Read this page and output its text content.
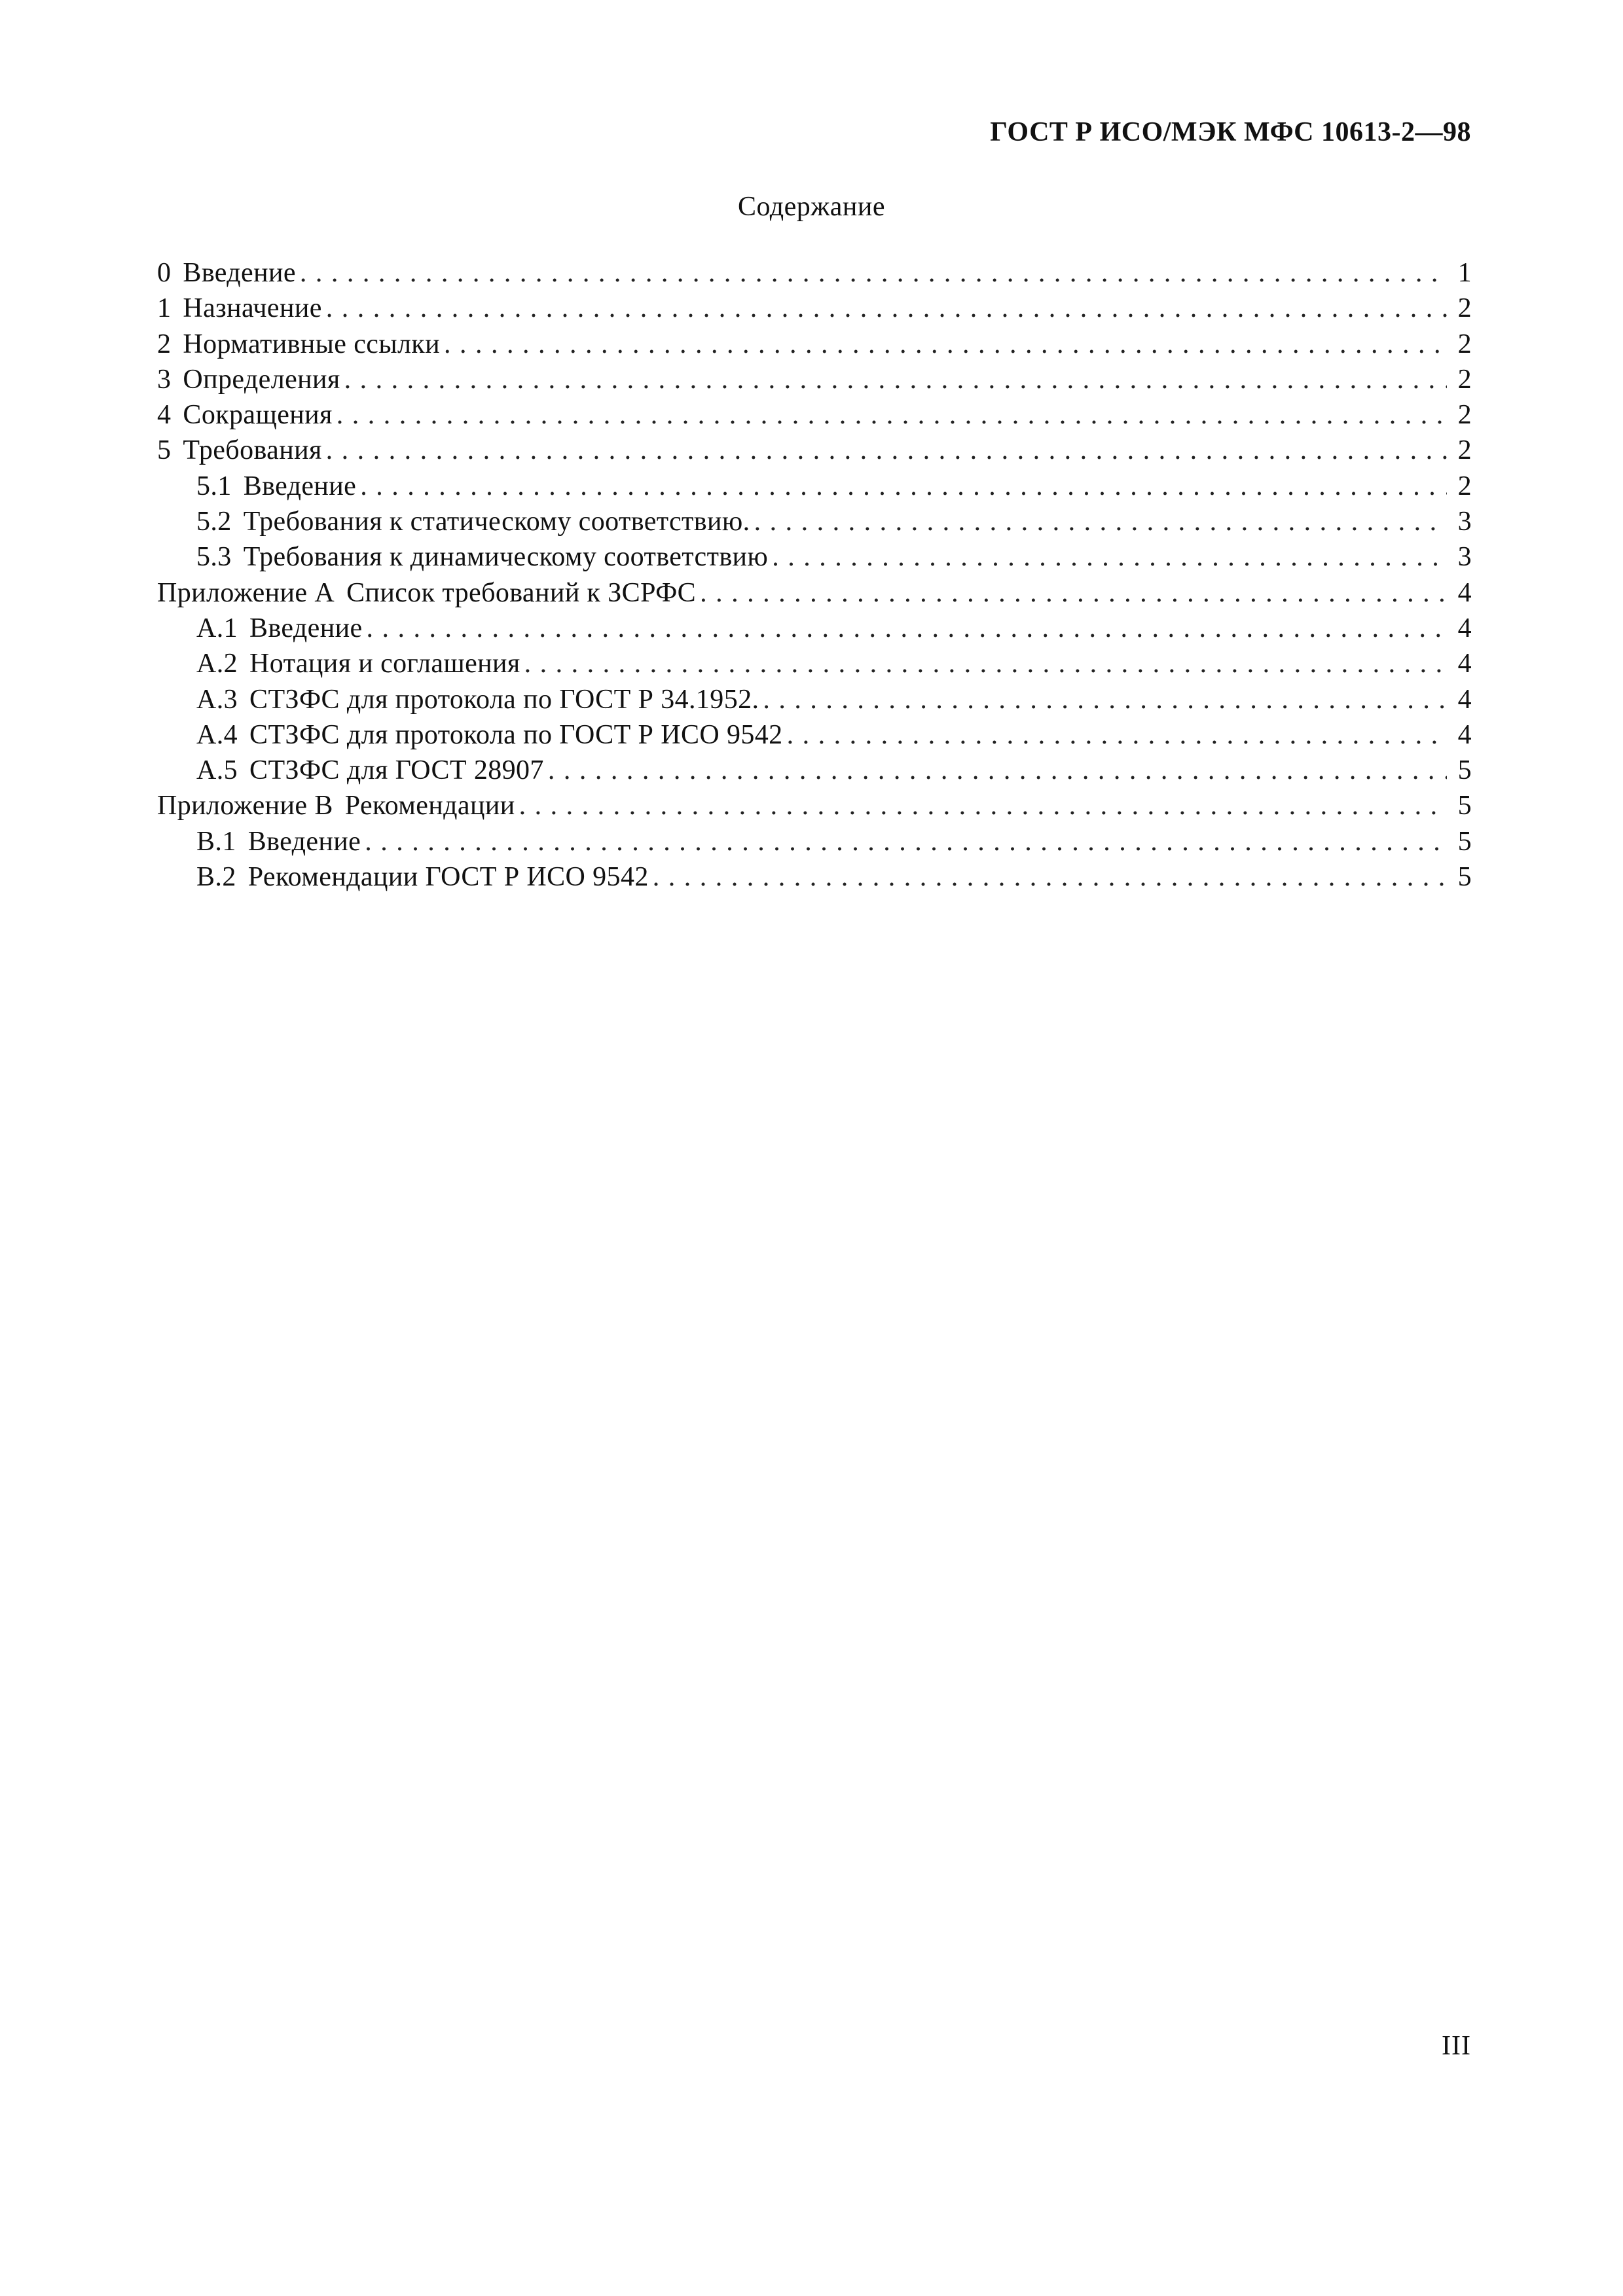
ГОСТ Р ИСО/МЭК МФС 10613-2—98
Содержание
0 Введение . . .	1
1 Назначение . . .	2
2 Нормативные ссылки . . .	2
3 Определения . . .	2
4 Сокращения . . .	2
5 Требования . . .	2
5.1 Введение . . .	2
5.2 Требования к статическому соответствию. . . .	3
5.3 Требования к динамическому соответствию . . .	3
Приложение А Список требований к ЗСРФС . . .	4
А.1 Введение . . .	4
А.2 Нотация и соглашения . . .	4
А.3 СТЗФС для протокола по ГОСТ Р 34.1952. . . .	4
А.4 СТЗФС для протокола по ГОСТ Р ИСО 9542 . . .	4
А.5 СТЗФС для ГОСТ 28907 . . .	5
Приложение В Рекомендации . . .	5
В.1 Введение . . .	5
В.2 Рекомендации ГОСТ Р ИСО 9542 . . .	5
III
